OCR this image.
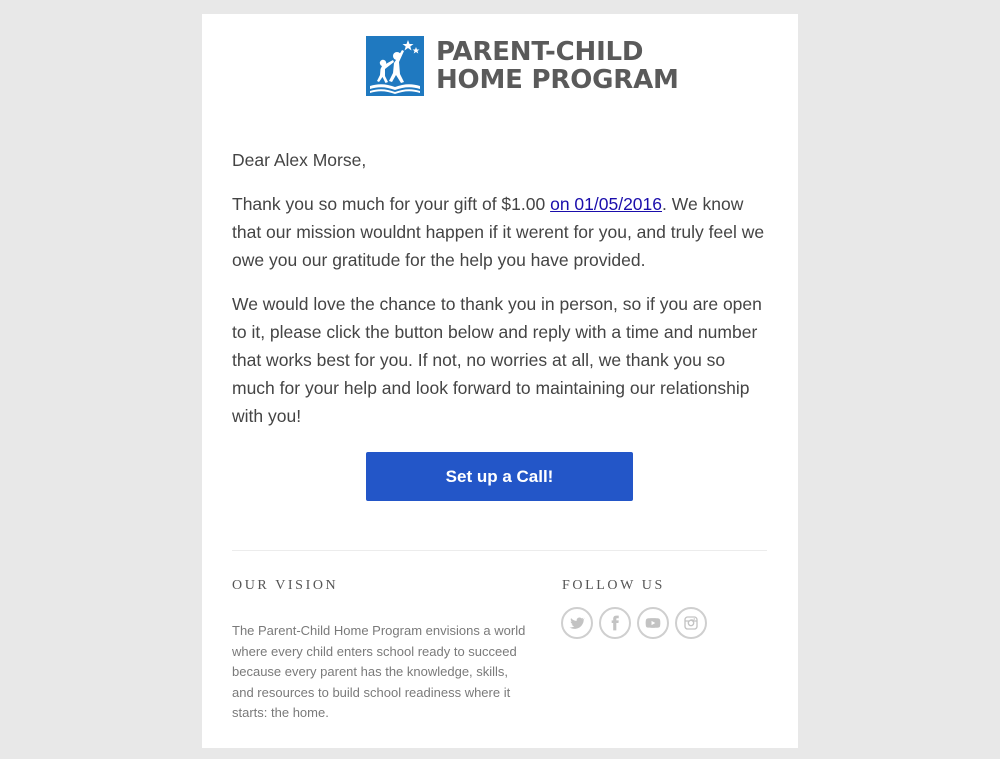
PARENT-CHILD
HOME PROGRAM

Dear Alex Morse,

Thank you so much for your gift of $1.00 on 01/05/2016. We know that our mission wouldnt happen if it werent for you, and truly feel we owe you our gratitude for the help you have provided.

We would love the chance to thank you in person, so if you are open to it, please click the button below and reply with a time and number that works best for you. If not, no worries at all, we thank you so much for your help and look forward to maintaining our relationship with you!

Set up a Call!
OUR VISION
The Parent-Child Home Program envisions a world where every child enters school ready to succeed because every parent has the knowledge, skills, and resources to build school readiness where it starts: the home.
FOLLOW US
